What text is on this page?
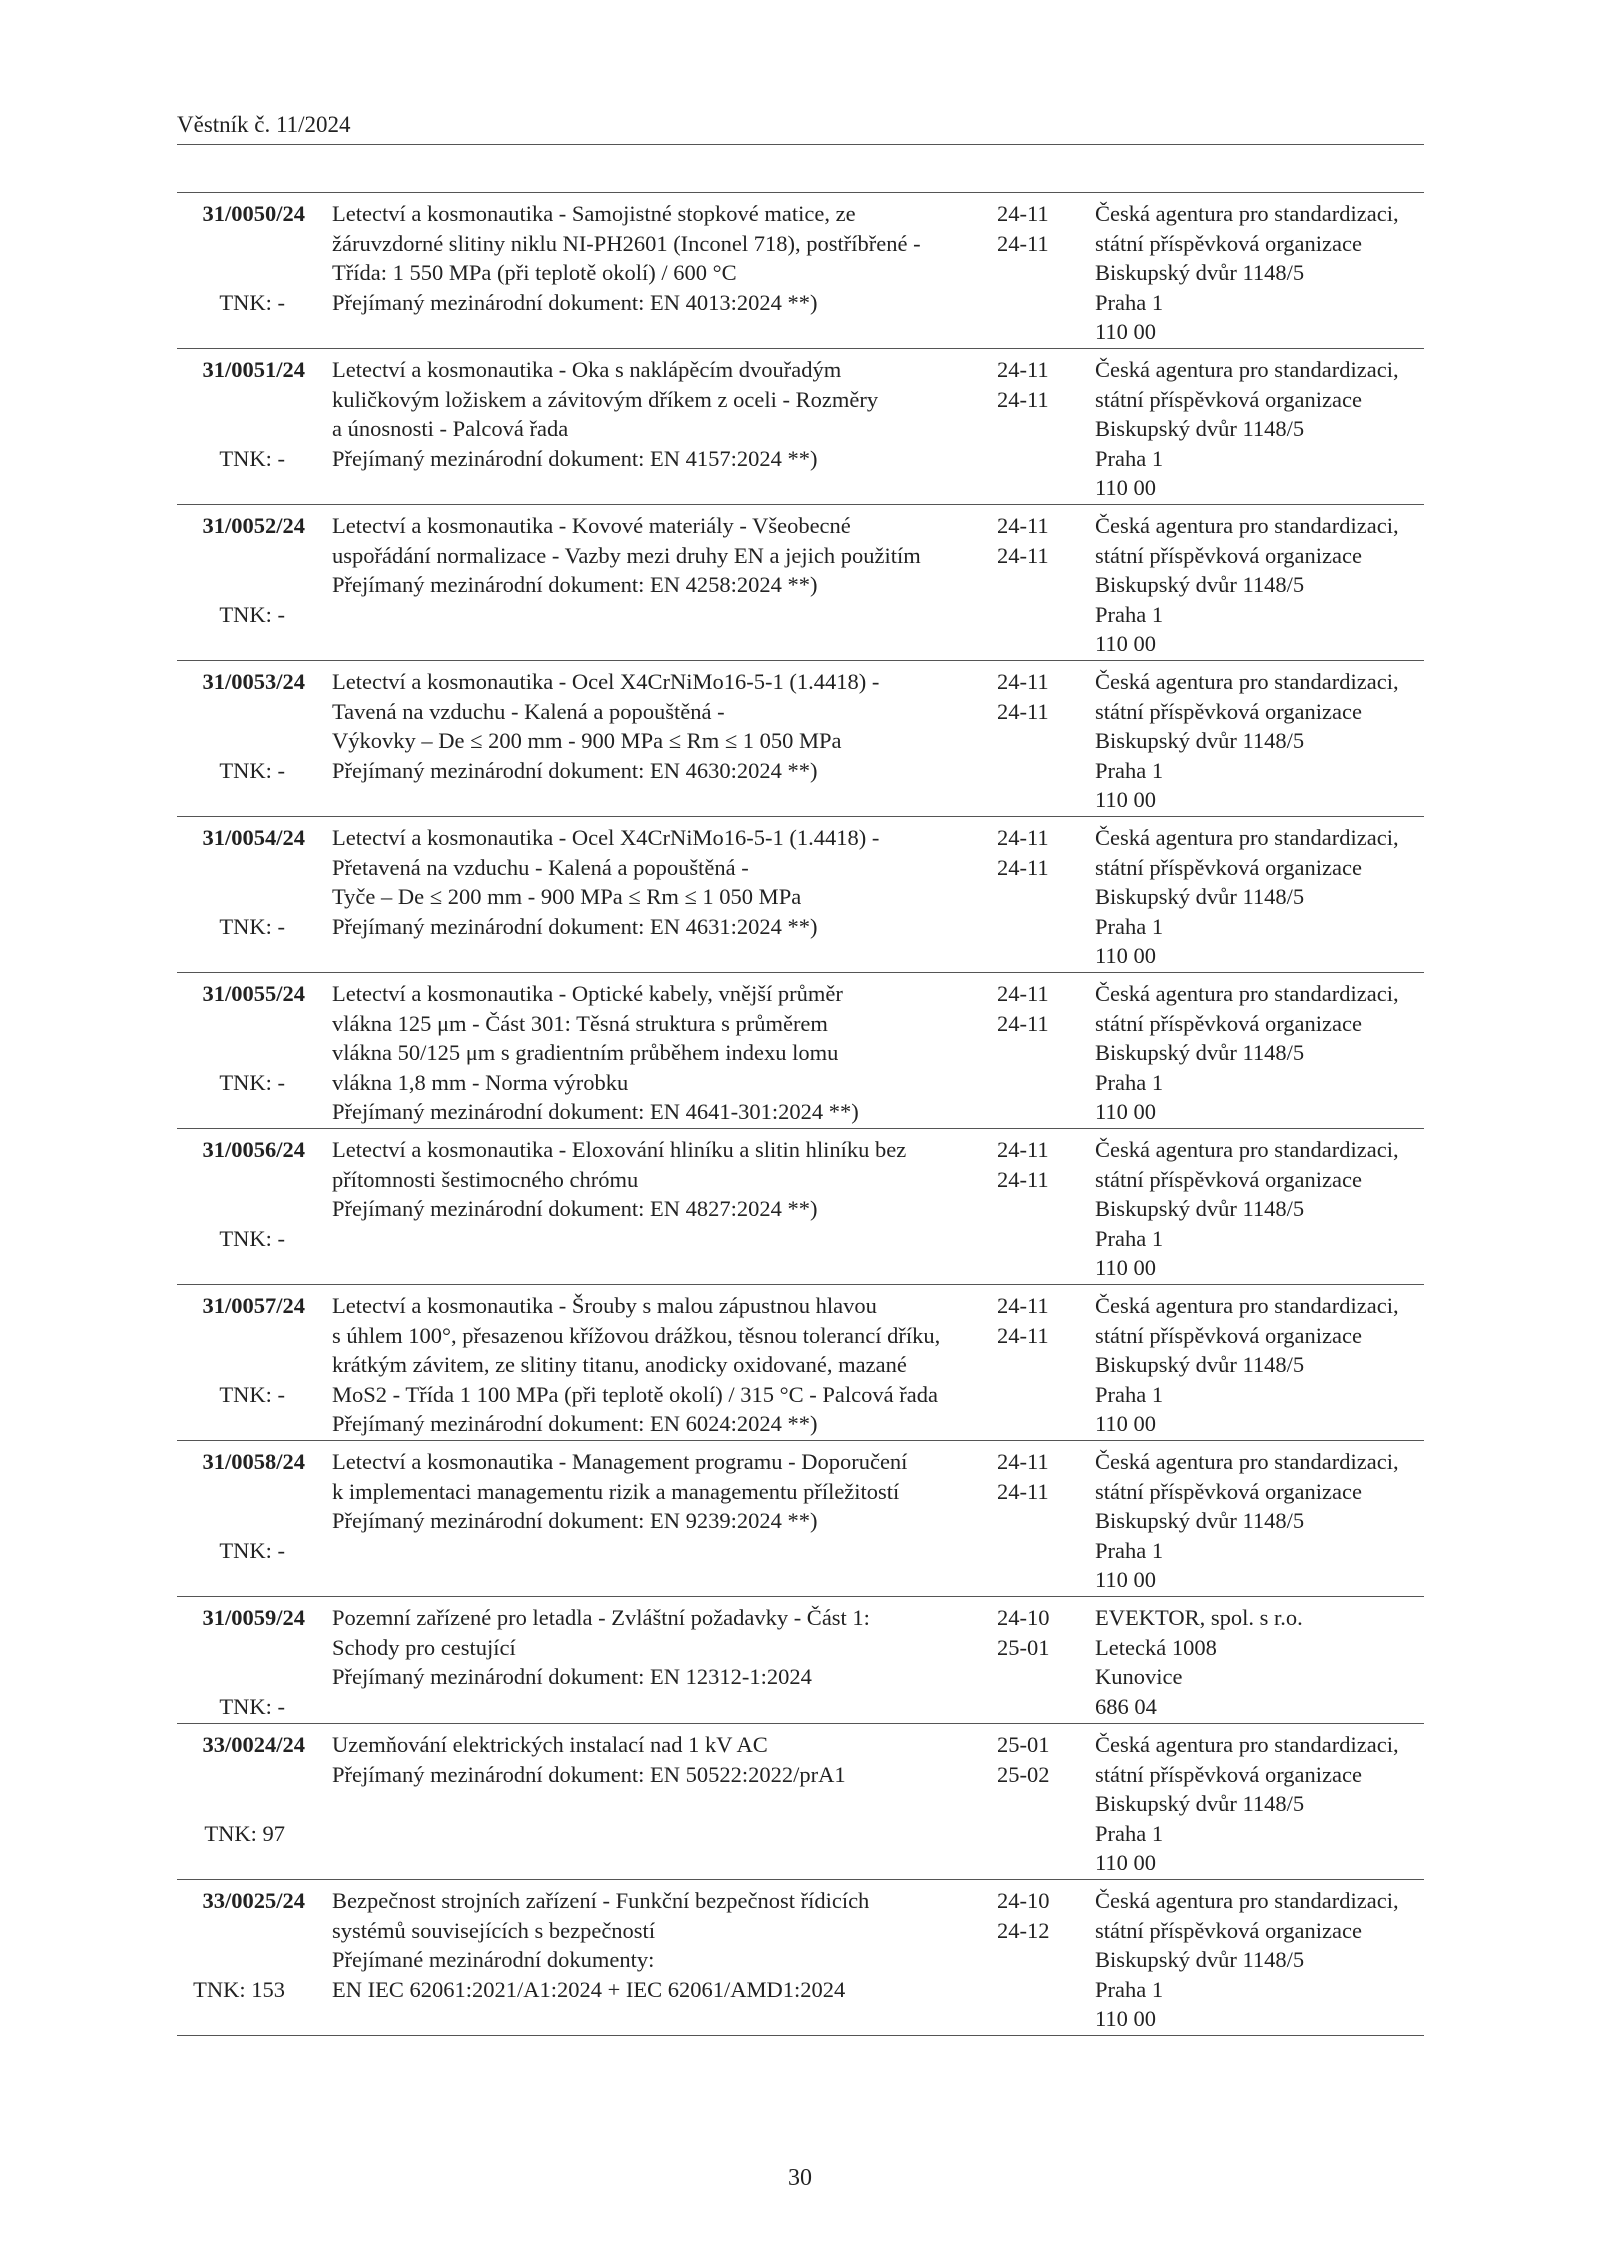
Věstník č. 11/2024
31/0050/24
TNK: -
Letectví a kosmonautika - Samojistné stopkové matice, ze
žáruvzdorné slitiny niklu NI-PH2601 (Inconel 718), postříbřené -
Třída: 1 550 MPa (při teplotě okolí) / 600 °C
Přejímaný mezinárodní dokument: EN 4013:2024 **)
24-11
24-11
Česká agentura pro standardizaci,
státní příspěvková organizace
Biskupský dvůr 1148/5
Praha 1
110 00
31/0051/24
TNK: -
Letectví a kosmonautika - Oka s naklápěcím dvouřadým
kuličkovým ložiskem a závitovým dříkem z oceli - Rozměry
a únosnosti - Palcová řada
Přejímaný mezinárodní dokument: EN 4157:2024 **)
24-11
24-11
Česká agentura pro standardizaci,
státní příspěvková organizace
Biskupský dvůr 1148/5
Praha 1
110 00
31/0052/24
TNK: -
Letectví a kosmonautika - Kovové materiály - Všeobecné
uspořádání normalizace - Vazby mezi druhy EN a jejich použitím
Přejímaný mezinárodní dokument: EN 4258:2024 **)
24-11
24-11
Česká agentura pro standardizaci,
státní příspěvková organizace
Biskupský dvůr 1148/5
Praha 1
110 00
31/0053/24
TNK: -
Letectví a kosmonautika - Ocel X4CrNiMo16-5-1 (1.4418) -
Tavená na vzduchu - Kalená a popouštěná -
Výkovky – De ≤ 200 mm - 900 MPa ≤ Rm ≤ 1 050 MPa
Přejímaný mezinárodní dokument: EN 4630:2024 **)
24-11
24-11
Česká agentura pro standardizaci,
státní příspěvková organizace
Biskupský dvůr 1148/5
Praha 1
110 00
31/0054/24
TNK: -
Letectví a kosmonautika - Ocel X4CrNiMo16-5-1 (1.4418) -
Přetavená na vzduchu - Kalená a popouštěná -
Tyče – De ≤ 200 mm - 900 MPa ≤ Rm ≤ 1 050 MPa
Přejímaný mezinárodní dokument: EN 4631:2024 **)
24-11
24-11
Česká agentura pro standardizaci,
státní příspěvková organizace
Biskupský dvůr 1148/5
Praha 1
110 00
31/0055/24
TNK: -
Letectví a kosmonautika - Optické kabely, vnější průměr
vlákna 125 μm - Část 301: Těsná struktura s průměrem
vlákna 50/125 μm s gradientním průběhem indexu lomu
vlákna 1,8 mm - Norma výrobku
Přejímaný mezinárodní dokument: EN 4641-301:2024 **)
24-11
24-11
Česká agentura pro standardizaci,
státní příspěvková organizace
Biskupský dvůr 1148/5
Praha 1
110 00
31/0056/24
TNK: -
Letectví a kosmonautika - Eloxování hliníku a slitin hliníku bez
přítomnosti šestimocného chrómu
Přejímaný mezinárodní dokument: EN 4827:2024 **)
24-11
24-11
Česká agentura pro standardizaci,
státní příspěvková organizace
Biskupský dvůr 1148/5
Praha 1
110 00
31/0057/24
TNK: -
Letectví a kosmonautika - Šrouby s malou zápustnou hlavou
s úhlem 100°, přesazenou křížovou drážkou, těsnou tolerancí dříku,
krátkým závitem, ze slitiny titanu, anodicky oxidované, mazané
MoS2 - Třída 1 100 MPa (při teplotě okolí) / 315 °C - Palcová řada
Přejímaný mezinárodní dokument: EN 6024:2024 **)
24-11
24-11
Česká agentura pro standardizaci,
státní příspěvková organizace
Biskupský dvůr 1148/5
Praha 1
110 00
31/0058/24
TNK: -
Letectví a kosmonautika - Management programu - Doporučení
k implementaci managementu rizik a managementu příležitostí
Přejímaný mezinárodní dokument: EN 9239:2024 **)
24-11
24-11
Česká agentura pro standardizaci,
státní příspěvková organizace
Biskupský dvůr 1148/5
Praha 1
110 00
31/0059/24
TNK: -
Pozemní zařízené pro letadla - Zvláštní požadavky - Část 1:
Schody pro cestující
Přejímaný mezinárodní dokument: EN 12312-1:2024
24-10
25-01
EVEKTOR, spol. s r.o.
Letecká 1008
Kunovice
686 04
33/0024/24
TNK: 97
Uzemňování elektrických instalací nad 1 kV AC
Přejímaný mezinárodní dokument: EN 50522:2022/prA1
25-01
25-02
Česká agentura pro standardizaci,
státní příspěvková organizace
Biskupský dvůr 1148/5
Praha 1
110 00
33/0025/24
TNK: 153
Bezpečnost strojních zařízení - Funkční bezpečnost řídicích
systémů souvisejících s bezpečností
Přejímané mezinárodní dokumenty:
EN IEC 62061:2021/A1:2024 + IEC 62061/AMD1:2024
24-10
24-12
Česká agentura pro standardizaci,
státní příspěvková organizace
Biskupský dvůr 1148/5
Praha 1
110 00
30
